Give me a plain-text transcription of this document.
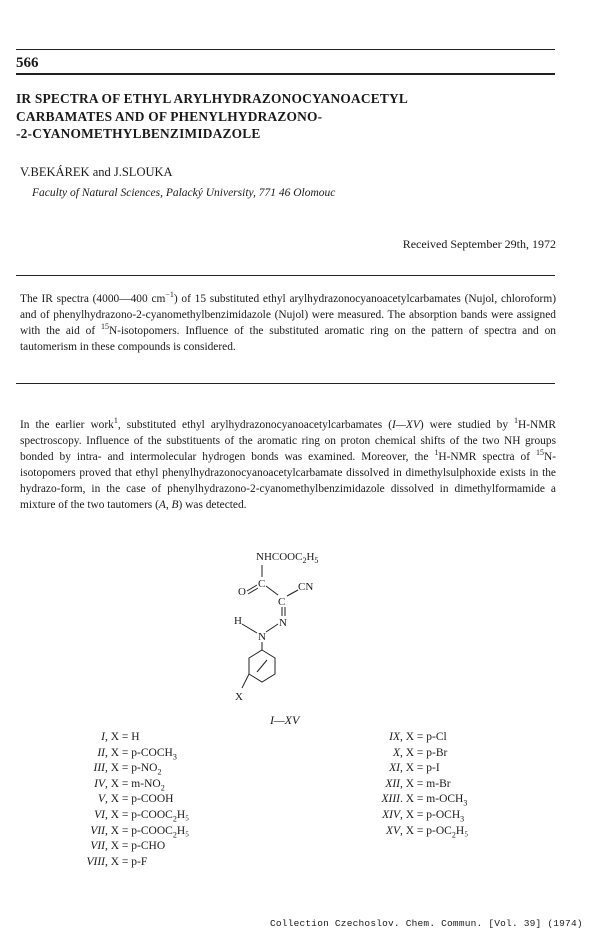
566
IR SPECTRA OF ETHYL ARYLHYDRAZONOCYANOACETYL
CARBAMATES AND OF PHENYLHYDRAZONO-
-2-CYANOMETHYLBENZIMIDAZOLE
V.BEKÁREK and J.SLOUKA
Faculty of Natural Sciences, Palacký University, 771 46 Olomouc
Received September 29th, 1972
The IR spectra (4000—400 $cm^{-1}$) of 15 substituted ethyl arylhydrazonocyanoacetylcarbamates (Nujol, chloroform) and of phenylhydrazono-2-cyanomethylbenzimidazole (Nujol) were measured. The absorption bands were assigned with the aid of $^{15}$N-isotopomers. Influence of the substituted aromatic ring on the pattern of spectra and on tautomerism in these compounds is considered.
In the earlier work$^1$, substituted ethyl arylhydrazonocyanoacetylcarbamates (I—XV) were studied by $^1$H-NMR spectroscopy. Influence of the substituents of the aromatic ring on proton chemical shifts of the two NH groups bonded by intra- and intermolecular hydrogen bonds was examined. Moreover, the $^1$H-NMR spectra of $^{15}$N-isotopomers proved that ethyl phenylhydrazonocyanoacetylcarbamate dissolved in dimethylsulphoxide exists in the hydrazo-form, in the case of phenylhydrazono-2-cyanomethylbenzimidazole dissolved in dimethylformamide a mixture of the two tautomers (A, B) was detected.
$NHCOOC_2H_5$
C
O
C
CN
N
N
H
X
I—XV
I, X = H
II, $X = p-COCH_3$
III, $X = p-NO_2$
IV, $X = m-NO_2$
V, X = p-COOH
VI, $X = p-COOC_2H_5$
VII, $X = p-COOC_2H_5$
VII, X = p-CHO
VIII, X = p-F
IX, X = p-Cl
X, X = p-Br
XI, X = p-I
XII, X = m-Br
XIII. $X = m-OCH_3$
XIV, $X = p-OCH_3$
XV, $X = p-OC_2H_5$
Collection Czechoslov. Chem. Commun. [Vol. 39] (1974)
